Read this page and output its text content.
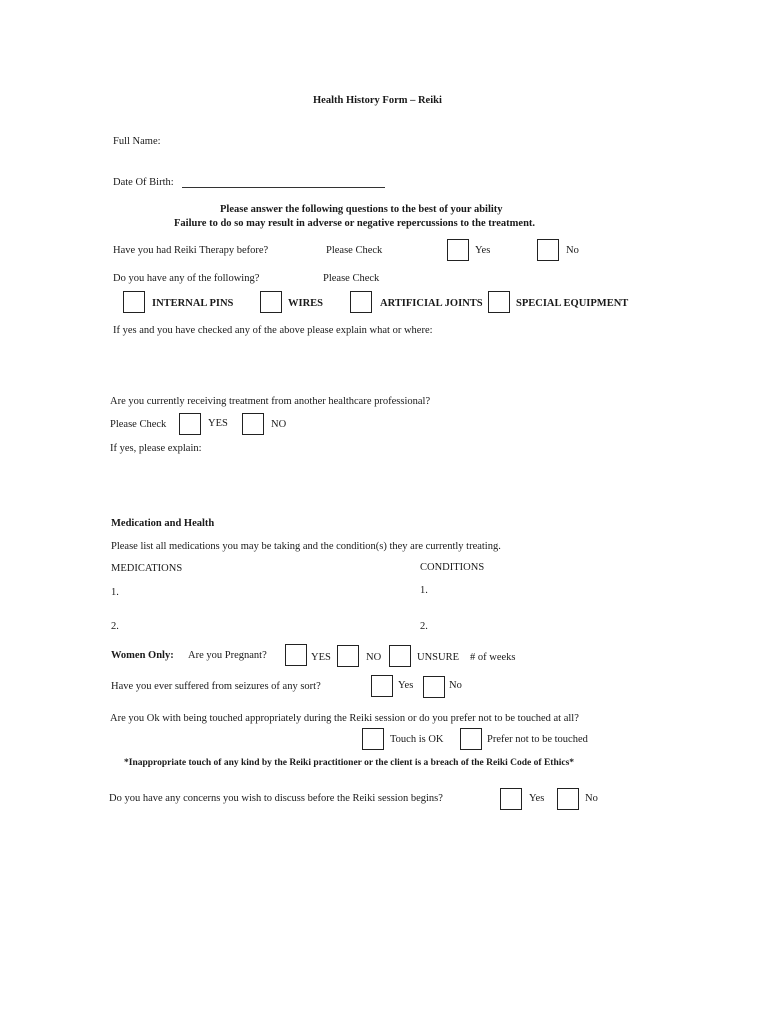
Health History Form – Reiki
Full Name:
Date Of Birth:
Please answer the following questions to the best of your ability
Failure to do so may result in adverse or negative repercussions to the treatment.
Have you had Reiki Therapy before?	Please Check	Yes	No
Do you have any of the following?	Please Check
INTERNAL PINS	WIRES	ARTIFICIAL JOINTS	SPECIAL EQUIPMENT
If yes and you have checked any of the above please explain what or where:
Are you currently receiving treatment from another healthcare professional?
Please Check	YES	NO
If yes, please explain:
Medication and Health
Please list all medications you may be taking and the condition(s) they are currently treating.
MEDICATIONS	CONDITIONS
1.	1.
2.	2.
Women Only: Are you Pregnant?	YES	NO	UNSURE # of weeks
Have you ever suffered from seizures of any sort?	Yes	No
Are you Ok with being touched appropriately during the Reiki session or do you prefer not to be touched at all?
Touch is OK	Prefer not to be touched
*Inappropriate touch of any kind by the Reiki practitioner or the client is a breach of the Reiki Code of Ethics*
Do you have any concerns you wish to discuss before the Reiki session begins?	Yes	No
